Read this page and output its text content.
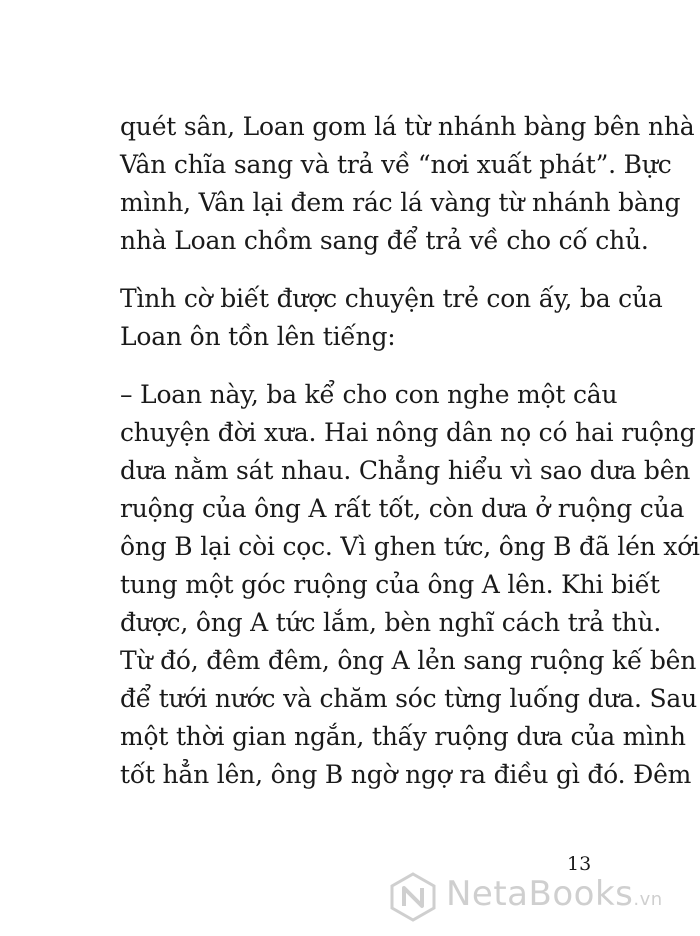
quét sân, Loan gom lá từ nhánh bàng bên nhà
Vân chĩa sang và trả về “nơi xuất phát”. Bực
mình, Vân lại đem rác lá vàng từ nhánh bàng
nhà Loan chồm sang để trả về cho cố chủ.
Tình cờ biết được chuyện trẻ con ấy, ba của
Loan ôn tồn lên tiếng:
– Loan này, ba kể cho con nghe một câu
chuyện đời xưa. Hai nông dân nọ có hai ruộng
dưa nằm sát nhau. Chẳng hiểu vì sao dưa bên
ruộng của ông A rất tốt, còn dưa ở ruộng của
ông B lại còi cọc. Vì ghen tức, ông B đã lén xới
tung một góc ruộng của ông A lên. Khi biết
được, ông A tức lắm, bèn nghĩ cách trả thù.
Từ đó, đêm đêm, ông A lẻn sang ruộng kế bên
để tưới nước và chăm sóc từng luống dưa. Sau
một thời gian ngắn, thấy ruộng dưa của mình
tốt hẳn lên, ông B ngờ ngợ ra điều gì đó. Đêm
13
NetaBooks.vn
